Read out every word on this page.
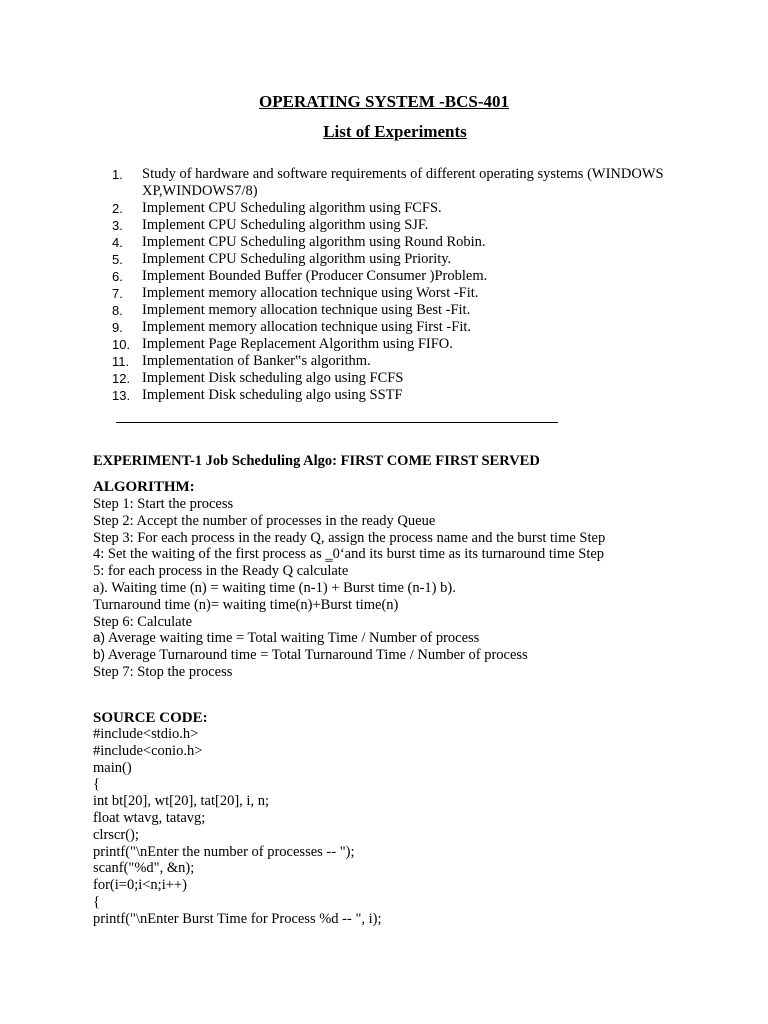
OPERATING SYSTEM -BCS-401
List of Experiments
1.	Study of hardware and software requirements of different operating systems (WINDOWS XP,WINDOWS7/8)
2.	Implement CPU Scheduling algorithm using FCFS.
3.	Implement CPU Scheduling algorithm using SJF.
4.	Implement CPU Scheduling algorithm using Round Robin.
5.	Implement CPU Scheduling algorithm using Priority.
6.	Implement Bounded Buffer (Producer Consumer )Problem.
7.	Implement memory allocation technique using Worst -Fit.
8.	Implement memory allocation technique using Best -Fit.
9.	Implement memory allocation technique using First -Fit.
10. Implement Page Replacement Algorithm using FIFO.
11. Implementation of Banker‟s algorithm.
12. Implement Disk scheduling algo using FCFS
13. Implement Disk scheduling algo using SSTF
EXPERIMENT-1 Job Scheduling Algo: FIRST COME FIRST SERVED
ALGORITHM:

Step 1: Start the process

Step 2: Accept the number of processes in the ready Queue

Step 3: For each process in the ready Q, assign the process name and the burst time Step

4: Set the waiting of the first process as ‗0‘and its burst time as its turnaround time Step

5: for each process in the Ready Q calculate

a). Waiting time (n) = waiting time (n-1) + Burst time (n-1) b).

Turnaround time (n)= waiting time(n)+Burst time(n)

Step 6: Calculate

a) Average waiting time = Total waiting Time / Number of process

b) Average Turnaround time = Total Turnaround Time / Number of process

Step 7: Stop the process

SOURCE CODE:

#include<stdio.h>

#include<conio.h>

main()

{

int bt[20], wt[20], tat[20], i, n;

float wtavg, tatavg;

clrscr();

printf("\nEnter the number of processes -- ");

scanf("%d", &n);

for(i=0;i<n;i++)

{

printf("\nEnter Burst Time for Process %d -- ", i);
